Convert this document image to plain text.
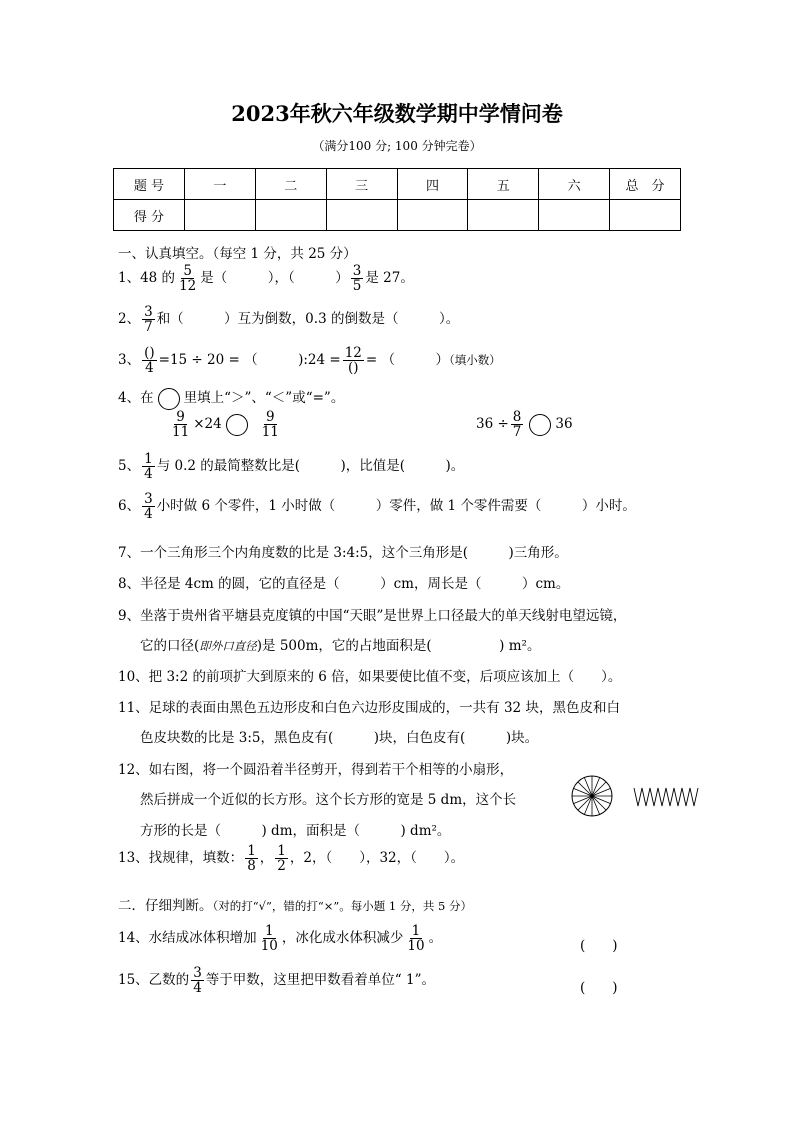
2023年秋六年级数学期中学情问卷
（满分100 分; 100 分钟完卷）
题 号	一	二	三	四	五	六	总　分
得 分							
一、认真填空。（每空 1 分，共 25 分）
1、48 的 $\frac{5}{12}$ 是（　　　），（　　　） $\frac{3}{5}$ 是 27。
2、 $\frac{3}{7}$ 和（　　　）互为倒数，0.3 的倒数是（　　　）。
3、 $\frac{()}{4} =15 \div 20$ = （　　　):24 = $\frac{12}{()}$ = （　　　）（填小数）
4、在 里填上“＞”、“＜”或“=”。
$\frac{9}{11} \times 24$	$\frac{9}{11}$	$36 \div \frac{8}{7} 36$
5、 $\frac{1}{4}$ 与 0.2 的最简整数比是(　　　)，比值是(　　　)。
6、 $\frac{3}{4}$ 小时做 6 个零件，1 小时做（　　　）零件，做 1 个零件需要（　　　）小时。
7、一个三角形三个内角度数的比是 3:4:5，这个三角形是(　　　)三角形。
8、半径是 4cm 的圆，它的直径是（　　　）cm，周长是（　　　）cm。
9、坐落于贵州省平塘县克度镇的中国“天眼”是世界上口径最大的单天线射电望远镜，
它的口径(即外口直径)是 500m，它的占地面积是(　　　　　) m²。
10、把 3:2 的前项扩大到原来的 6 倍，如果要使比值不变，后项应该加上（　　）。
11、足球的表面由黑色五边形皮和白色六边形皮围成的，一共有 32 块，黑色皮和白
色皮块数的比是 3:5，黑色皮有(　　　)块，白色皮有(　　　)块。
12、如右图，将一个圆沿着半径剪开，得到若干个相等的小扇形，
然后拼成一个近似的长方形。这个长方形的宽是 5 dm，这个长
方形的长是（　　　) dm，面积是（　　　) dm²。
13、找规律，填数： $\frac{1}{8}$ ， $\frac{1}{2}$ ，2，（　　），32，（　　）。
二．仔细判断。（对的打“√”，错的打“×”。每小题 1 分，共 5 分）
14、水结成冰体积增加 $\frac{1}{10}$ ，冰化成水体积减少 $\frac{1}{10}$ 。	(　　)
15、乙数的 $\frac{3}{4}$ 等于甲数，这里把甲数看着单位“ 1”。	(　　)
